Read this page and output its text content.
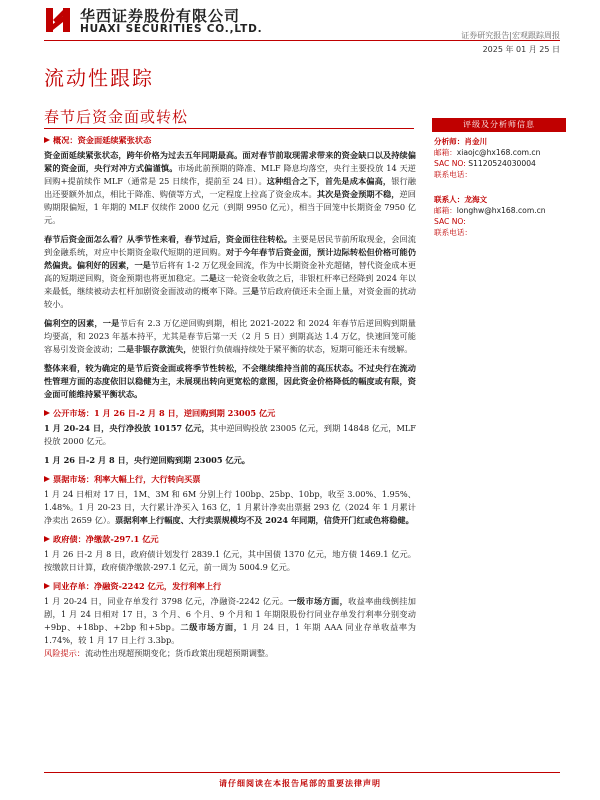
华西证券股份有限公司
HUAXI SECURITIES CO.,LTD.
证券研究报告|宏观跟踪周报
2025 年 01 月 25 日
流动性跟踪
春节后资金面或转松	评级及分析师信息
分析师：肖金川
邮箱：xiaojc@hx168.com.cn
SAC NO: S1120524030004
联系电话：
联系人：龙海文
邮箱：longhw@hx168.com.cn
SAC NO:
联系电话：
概况：资金面延续紧张状态

资金面延续紧张状态，跨年价格为过去五年同期最高。面对春节前取现需求带来的资金缺口以及持续偏紧的资金面，央行对冲方式偏谨慎。市场此前预期的降准、MLF 降息均落空，央行主要投放 14 天逆回购+提前续作 MLF（通常是 25 日续作，提前至 24 日）。这种组合之下，首先是成本偏高，银行融出还要额外加点，相比于降准、购债等方式，一定程度上拉高了资金成本。其次是资金预期不稳，逆回购期限偏短，1 年期的 MLF 仅续作 2000 亿元（到期 9950 亿元），相当于回笼中长期资金 7950 亿元。

春节后资金面怎么看？从季节性来看，春节过后，资金面往往转松。主要是居民节前所取现金，会回流到金融系统，对应中长期资金取代短期的逆回购。对于今年春节后资金面，预计边际转松但价格可能仍然偏贵。偏利好的因素，一是节后将有 1-2 万亿现金回流，作为中长期资金补充超储，替代资金成本更高的短期逆回购，资金预期也将更加稳定。二是这一轮资金收敛之后，非银杠杆率已经降到 2024 年以来最低，继续被动去杠杆加剧资金面波动的概率下降。三是节后政府债还未全面上量，对资金面的扰动较小。

偏利空的因素，一是节后有 2.3 万亿逆回购到期，相比 2021-2022 和 2024 年春节后逆回购到期量均要高，和 2023 年基本持平，尤其是春节后第一天（2 月 5 日）到期高达 1.4 万亿，快速回笼可能容易引发资金波动；二是非银存款流失，使银行负债端持续处于紧平衡的状态，短期可能还未有缓解。

整体来看，较为确定的是节后资金面或将季节性转松，不会继续维持当前的高压状态。不过央行在流动性管理方面的态度依旧以稳健为主，未展现出转向更宽松的意图，因此资金价格降低的幅度或有限，资金面可能维持紧平衡状态。

公开市场：1 月 26 日-2 月 8 日，逆回购到期 23005 亿元

1 月 20-24 日，央行净投放 10157 亿元，其中逆回购投放 23005 亿元，到期 14848 亿元，MLF 投放 2000 亿元。

1 月 26 日-2 月 8 日，央行逆回购到期 23005 亿元。

票据市场：利率大幅上行，大行转向买票

1 月 24 日相对 17 日，1M、3M 和 6M 分别上行 100bp、25bp、10bp，收至 3.00%、1.95%、1.48%。1 月 20-23 日，大行累计净买入 163 亿，1 月累计净卖出票据 293 亿（2024 年 1 月累计净卖出 2659 亿）。票据利率上行幅度、大行卖票规模均不及 2024 年同期，信贷开门红或色将稳健。

政府债：净缴款-297.1 亿元

1 月 26 日-2 月 8 日，政府债计划发行 2839.1 亿元，其中国债 1370 亿元，地方债 1469.1 亿元。按缴款日计算，政府债净缴款-297.1 亿元，前一周为 5004.9 亿元。

同业存单：净融资-2242 亿元，发行利率上行

1 月 20-24 日，同业存单发行 3798 亿元，净融资-2242 亿元。一级市场方面，收益率曲线倒挂加剧，1 月 24 日相对 17 日，3 个月、6 个月、9 个月和 1 年期限股份行同业存单发行利率分别变动+9bp、+18bp、+2bp 和+5bp。二级市场方面，1 月 24 日，1 年期 AAA 同业存单收益率为 1.74%，较 1 月 17 日上行 3.3bp。

风险提示：流动性出现超预期变化；货币政策出现超预期调整。

请仔细阅读在本报告尾部的重要法律声明
